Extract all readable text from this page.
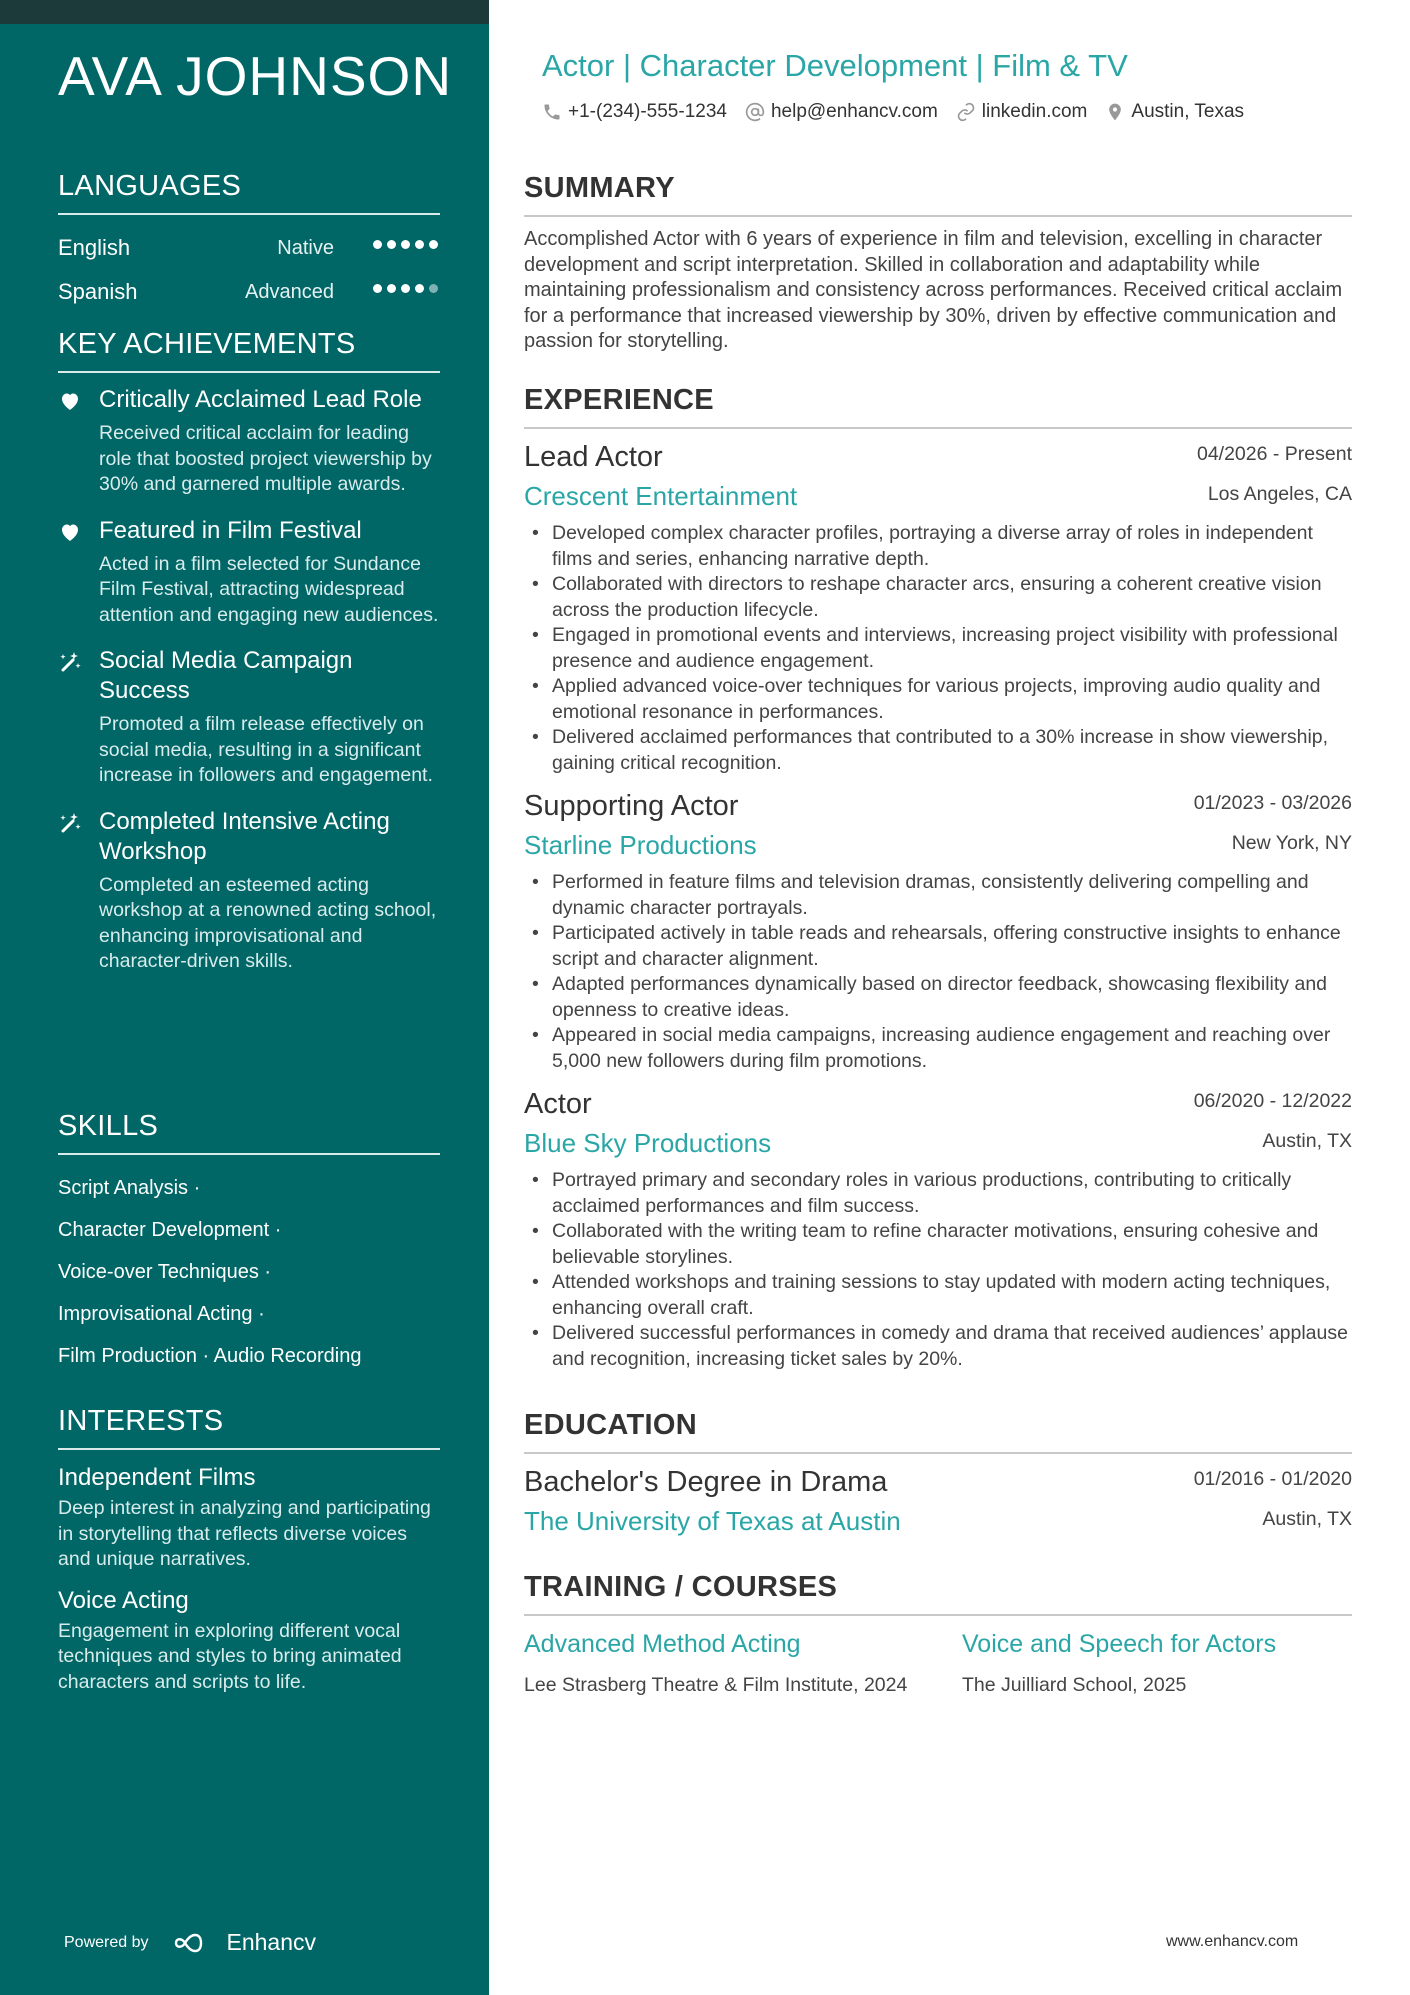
AVA JOHNSON
LANGUAGES
English	Native
Spanish	Advanced
KEY ACHIEVEMENTS
Critically Acclaimed Lead Role
Received critical acclaim for leading role that boosted project viewership by 30% and garnered multiple awards.
Featured in Film Festival
Acted in a film selected for Sundance Film Festival, attracting widespread attention and engaging new audiences.
Social Media Campaign Success
Promoted a film release effectively on social media, resulting in a significant increase in followers and engagement.
Completed Intensive Acting Workshop
Completed an esteemed acting workshop at a renowned acting school, enhancing improvisational and character-driven skills.
SKILLS
Script Analysis ·
Character Development ·
Voice-over Techniques ·
Improvisational Acting ·
Film Production · Audio Recording
INTERESTS
Independent Films
Deep interest in analyzing and participating in storytelling that reflects diverse voices and unique narratives.
Voice Acting
Engagement in exploring different vocal techniques and styles to bring animated characters and scripts to life.
Powered by	Enhancv
Actor | Character Development | Film & TV
+1-(234)-555-1234 help@enhancv.com linkedin.com Austin, Texas
SUMMARY

Accomplished Actor with 6 years of experience in film and television, excelling in character development and script interpretation. Skilled in collaboration and adaptability while maintaining professionalism and consistency across performances. Received critical acclaim for a performance that increased viewership by 30%, driven by effective communication and passion for storytelling.

EXPERIENCE
Lead Actor	04/2026 - Present
Crescent Entertainment	Los Angeles, CA
• Developed complex character profiles, portraying a diverse array of roles in independent films and series, enhancing narrative depth.
• Collaborated with directors to reshape character arcs, ensuring a coherent creative vision across the production lifecycle.
• Engaged in promotional events and interviews, increasing project visibility with professional presence and audience engagement.
• Applied advanced voice-over techniques for various projects, improving audio quality and emotional resonance in performances.
• Delivered acclaimed performances that contributed to a 30% increase in show viewership, gaining critical recognition.
Supporting Actor	01/2023 - 03/2026
Starline Productions	New York, NY
• Performed in feature films and television dramas, consistently delivering compelling and dynamic character portrayals.
• Participated actively in table reads and rehearsals, offering constructive insights to enhance script and character alignment.
• Adapted performances dynamically based on director feedback, showcasing flexibility and openness to creative ideas.
• Appeared in social media campaigns, increasing audience engagement and reaching over 5,000 new followers during film promotions.
Actor	06/2020 - 12/2022
Blue Sky Productions	Austin, TX
• Portrayed primary and secondary roles in various productions, contributing to critically acclaimed performances and film success.
• Collaborated with the writing team to refine character motivations, ensuring cohesive and believable storylines.
• Attended workshops and training sessions to stay updated with modern acting techniques, enhancing overall craft.
• Delivered successful performances in comedy and drama that received audiences’ applause and recognition, increasing ticket sales by 20%.
EDUCATION
Bachelor's Degree in Drama	01/2016 - 01/2020
The University of Texas at Austin	Austin, TX
TRAINING / COURSES
Advanced Method Acting
Lee Strasberg Theatre & Film Institute, 2024
Voice and Speech for Actors
The Juilliard School, 2025
www.enhancv.com
